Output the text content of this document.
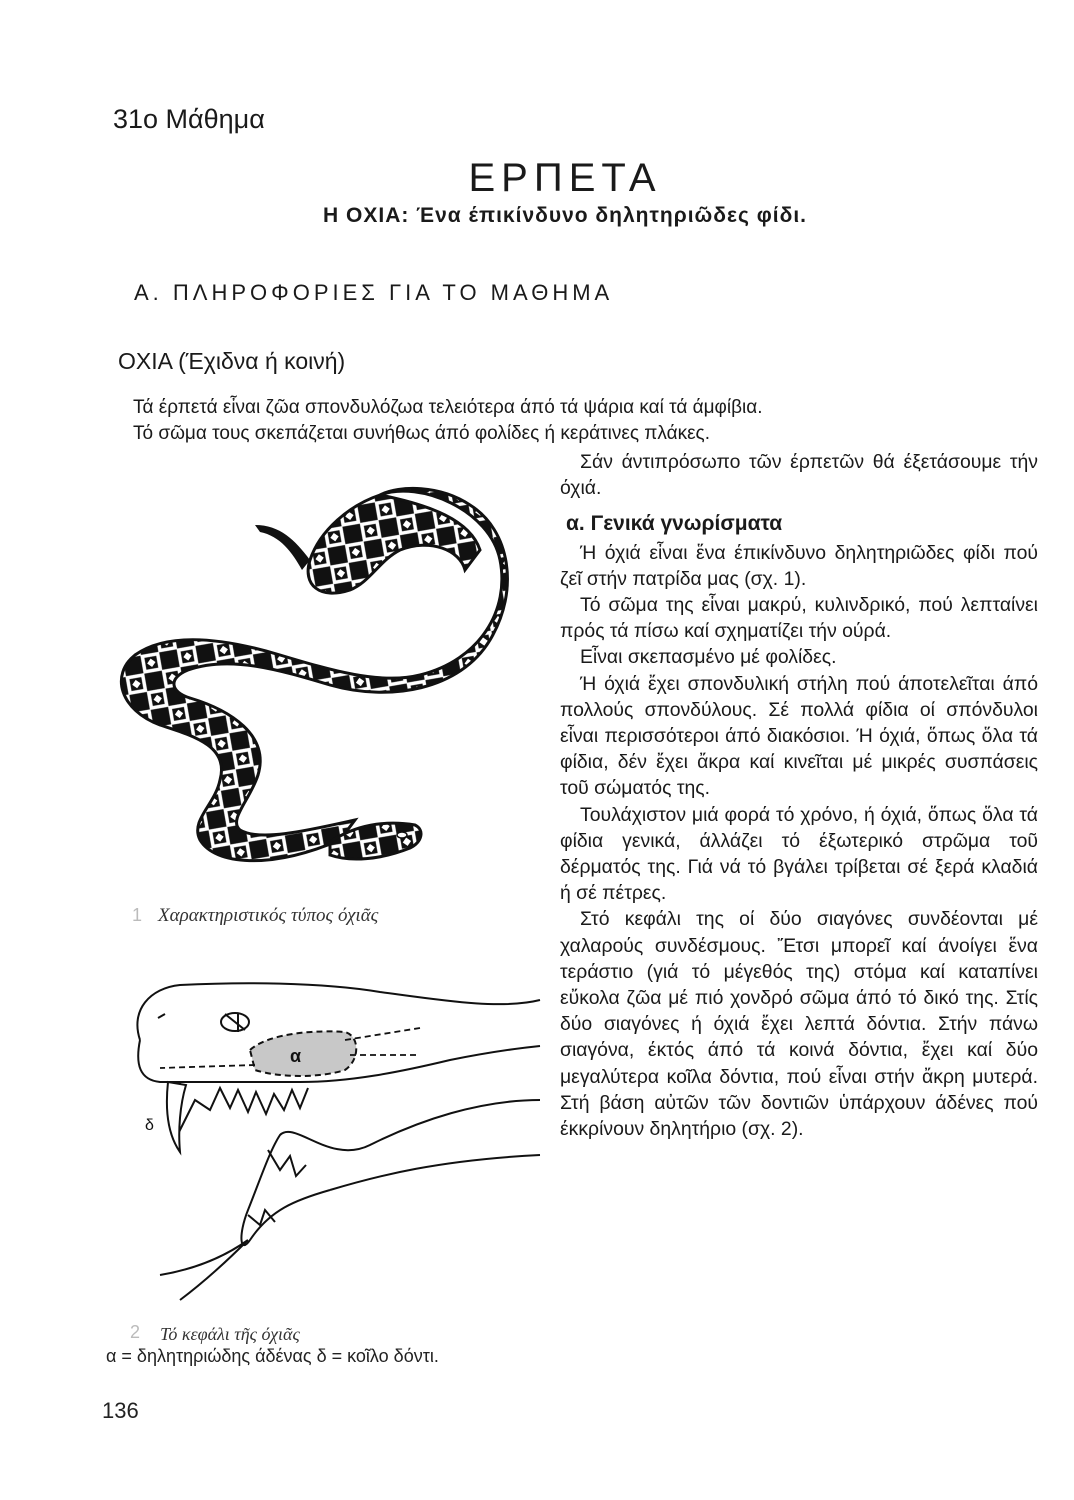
31ο Μάθημα
ΕΡΠΕΤΑ
Η ΟΧΙΑ: Ένα έπικίνδυνο δηλητηριῶδες φίδι.
Α. ΠΛΗΡΟΦΟΡΙΕΣ ΓΙΑ ΤΟ ΜΑΘΗΜΑ
ΟΧΙΑ (Έχιδνα ή κοινή)

Τά έρπετά εἶναι ζῶα σπονδυλόζωα τελειότερα άπό τά ψάρια καί τά άμφίβια.

Τό σῶμα τους σκεπάζεται συνήθως άπό φολίδες ή κεράτινες πλάκες.

Σάν άντιπρόσωπο τῶν έρπετῶν θά έξετάσουμε τήν όχιά.

α. Γενικά γνωρίσματα

Ή όχιά εἶναι ἕνα έπικίνδυνο δηλητηριῶδες φίδι πού ζεῖ στήν πατρίδα μας (σχ. 1).

Τό σῶμα της εἶναι μακρύ, κυλινδρικό, πού λεπταίνει πρός τά πίσω καί σχηματίζει τήν ούρά.

Εἶναι σκεπασμένο μέ φολίδες.

Ή όχιά ἔχει σπονδυλική στήλη πού άποτελεῖται άπό πολλούς σπονδύλους. Σέ πολλά φίδια οί σπόνδυλοι εἶναι περισσότεροι άπό διακόσιοι. Ή όχιά, ὅπως ὅλα τά φίδια, δέν ἔχει ἄκρα καί κινεῖται μέ μικρές συσπάσεις τοῦ σώματός της.

Τουλάχιστον μιά φορά τό χρόνο, ή όχιά, ὅπως ὅλα τά φίδια γενικά, άλλάζει τό έξωτερικό στρῶμα τοῦ δέρματός της. Γιά νά τό βγάλει τρίβεται σέ ξερά κλαδιά ή σέ πέτρες.

Στό κεφάλι της οί δύο σιαγόνες συνδέονται μέ χαλαρούς συνδέσμους. Ἔτσι μπορεῖ καί άνοίγει ἕνα τεράστιο (γιά τό μέγεθός της) στόμα καί καταπίνει εὔκολα ζῶα μέ πιό χονδρό σῶμα άπό τό δικό της. Στίς δύο σιαγόνες ή όχιά ἔχει λεπτά δόντια. Στήν πάνω σιαγόνα, έκτός άπό τά κοινά δόντια, ἔχει καί δύο μεγαλύτερα κοῖλα δόντια, πού εἶναι στήν ἄκρη μυτερά. Στή βάση αὐτῶν τῶν δοντιῶν ὑπάρχουν άδένες πού έκκρίνουν δηλητήριο (σχ. 2).

1 Χαρακτηριστικός τύπος όχιᾶς
α
δ
2 Τό κεφάλι τῆς όχιᾶς
α = δηλητηριώδης άδένας δ = κοῖλο δόντι.
136
